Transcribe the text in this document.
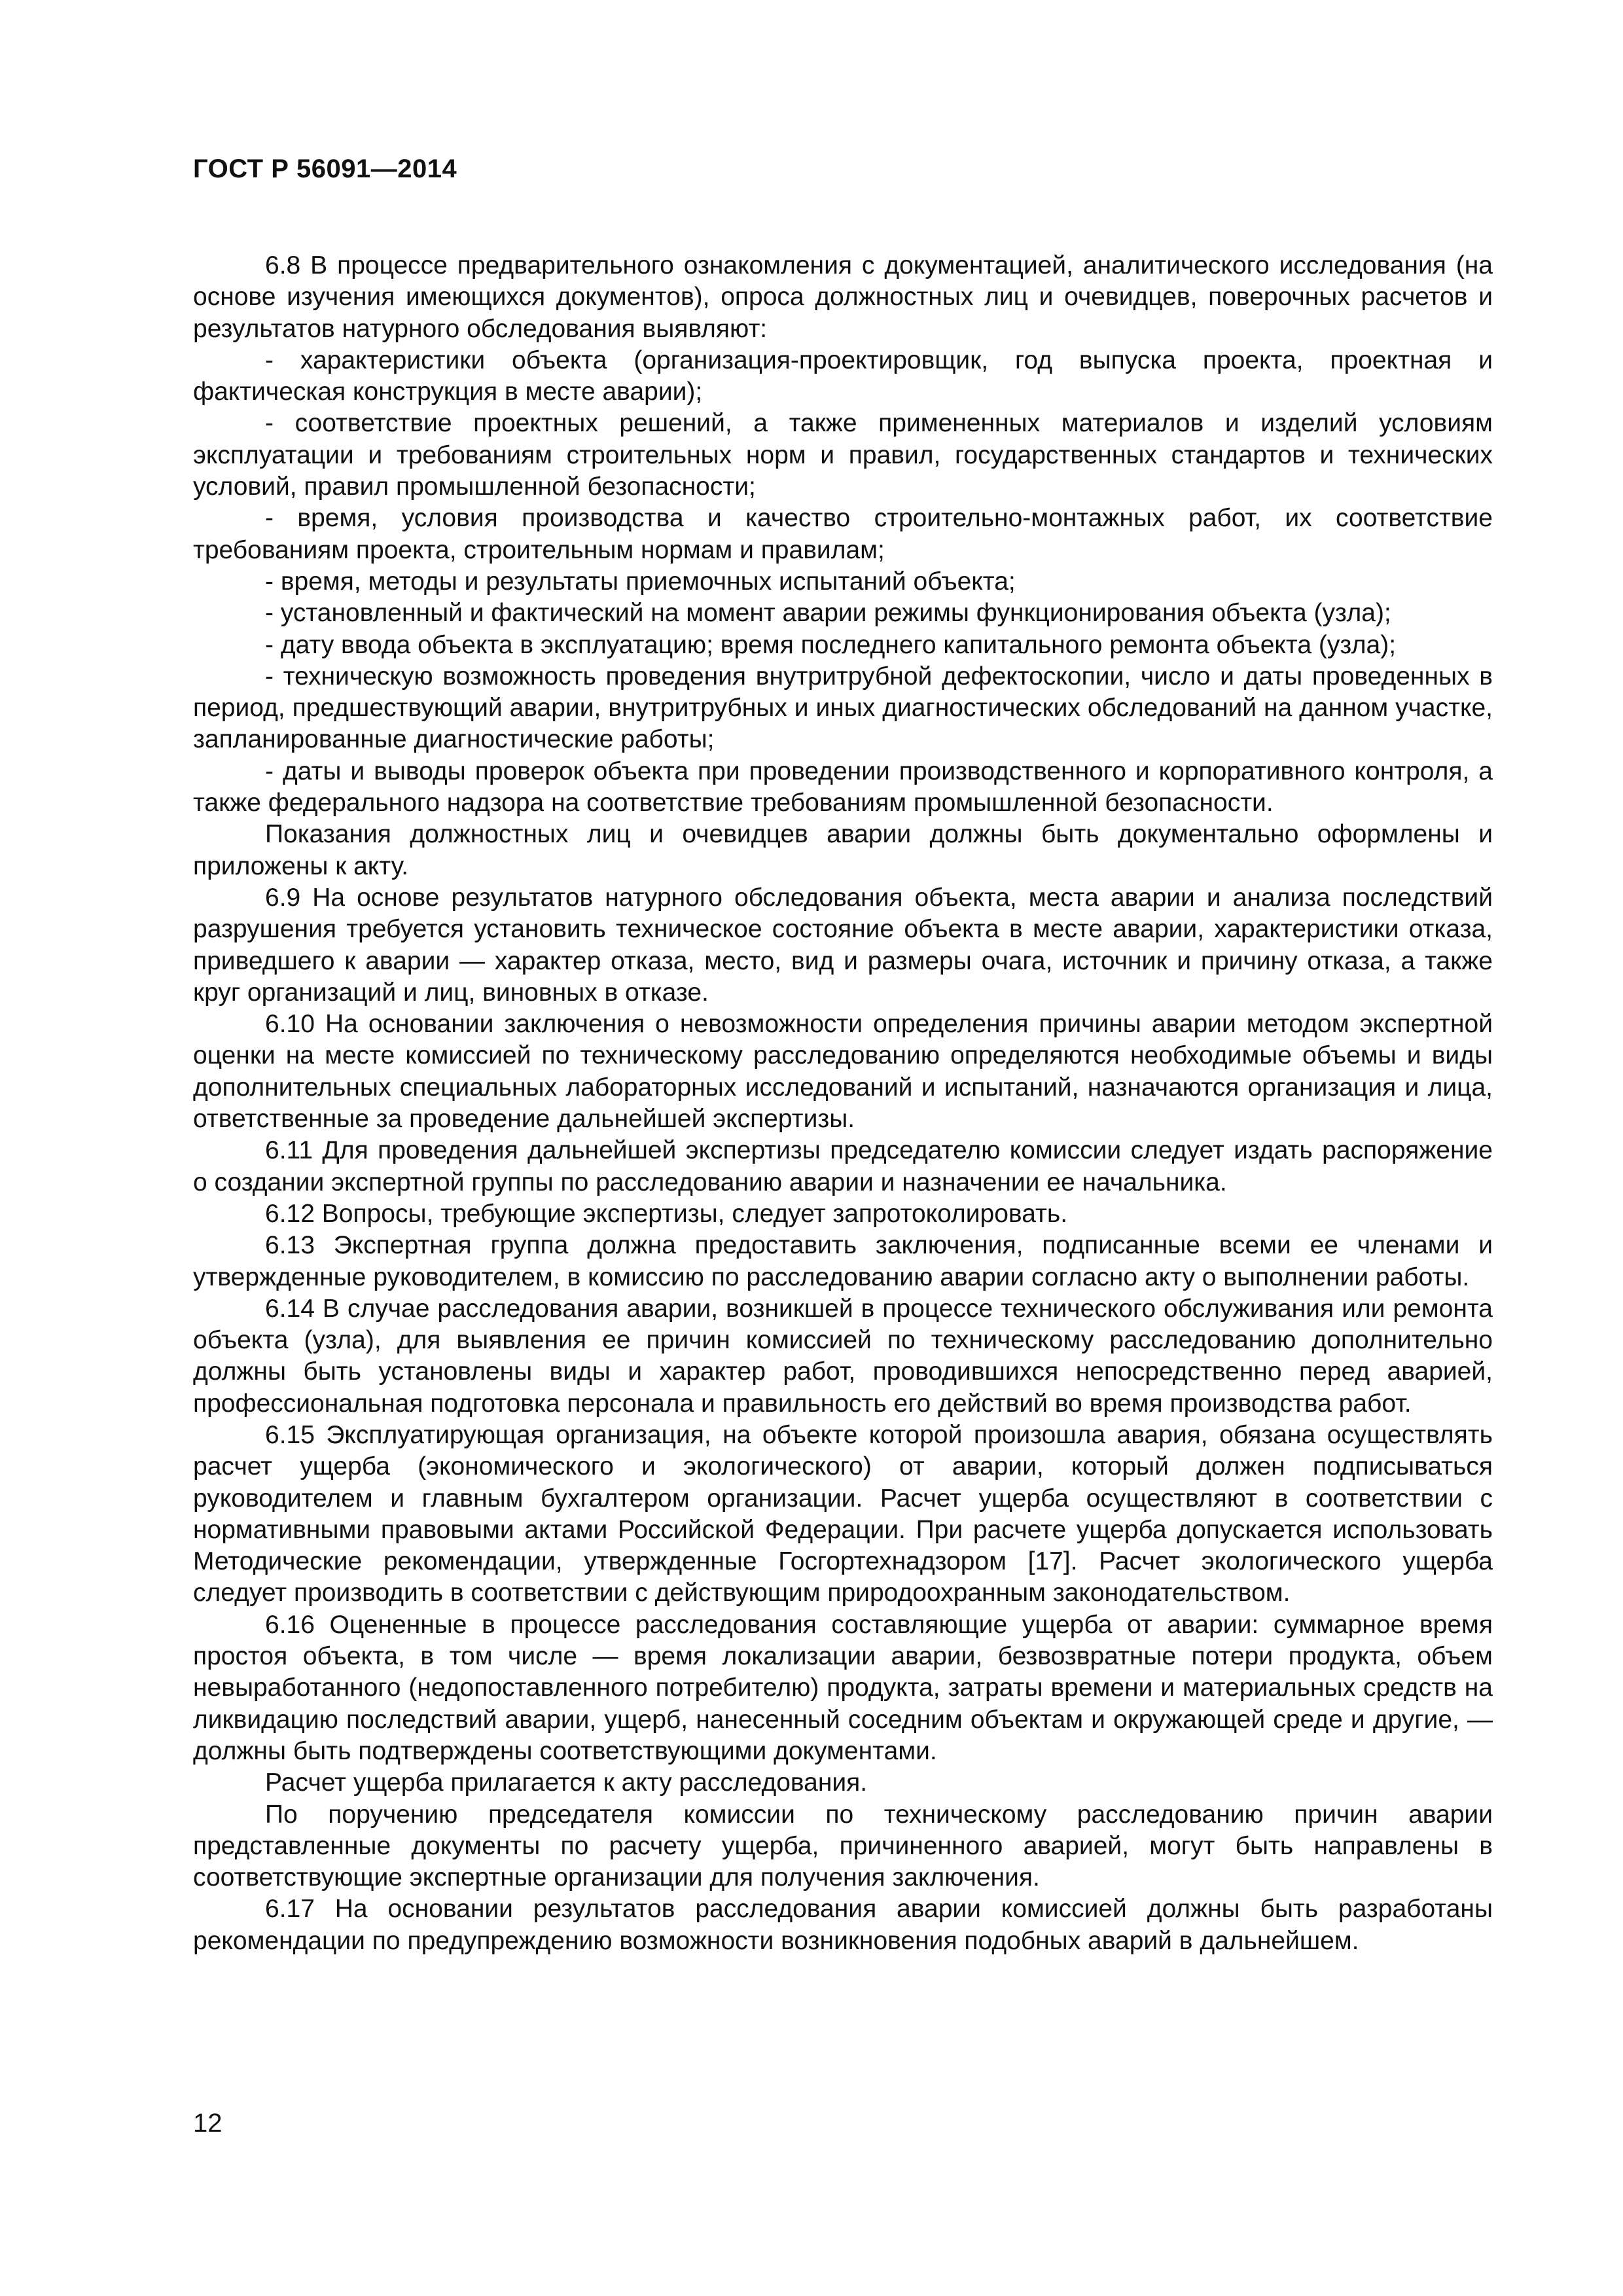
ГОСТ Р 56091—2014

6.8 В процессе предварительного ознакомления с документацией, аналитического исследования (на основе изучения имеющихся документов), опроса должностных лиц и очевидцев, поверочных расчетов и результатов натурного обследования выявляют:

- характеристики объекта (организация-проектировщик, год выпуска проекта, проектная и фактическая конструкция в месте аварии);

- соответствие проектных решений, а также примененных материалов и изделий условиям эксплуатации и требованиям строительных норм и правил, государственных стандартов и технических условий, правил промышленной безопасности;

- время, условия производства и качество строительно-монтажных работ, их соответствие требованиям проекта, строительным нормам и правилам;

- время, методы и результаты приемочных испытаний объекта;

- установленный и фактический на момент аварии режимы функционирования объекта (узла);

- дату ввода объекта в эксплуатацию; время последнего капитального ремонта объекта (узла);

- техническую возможность проведения внутритрубной дефектоскопии, число и даты проведенных в период, предшествующий аварии, внутритрубных и иных диагностических обследований на данном участке, запланированные диагностические работы;

- даты и выводы проверок объекта при проведении производственного и корпоративного контроля, а также федерального надзора на соответствие требованиям промышленной безопасности.

Показания должностных лиц и очевидцев аварии должны быть документально оформлены и приложены к акту.

6.9 На основе результатов натурного обследования объекта, места аварии и анализа последствий разрушения требуется установить техническое состояние объекта в месте аварии, характеристики отказа, приведшего к аварии — характер отказа, место, вид и размеры очага, источник и причину отказа, а также круг организаций и лиц, виновных в отказе.

6.10 На основании заключения о невозможности определения причины аварии методом экспертной оценки на месте комиссией по техническому расследованию определяются необходимые объемы и виды дополнительных специальных лабораторных исследований и испытаний, назначаются организация и лица, ответственные за проведение дальнейшей экспертизы.

6.11 Для проведения дальнейшей экспертизы председателю комиссии следует издать распоряжение о создании экспертной группы по расследованию аварии и назначении ее начальника.

6.12 Вопросы, требующие экспертизы, следует запротоколировать.

6.13 Экспертная группа должна предоставить заключения, подписанные всеми ее членами и утвержденные руководителем, в комиссию по расследованию аварии согласно акту о выполнении работы.

6.14 В случае расследования аварии, возникшей в процессе технического обслуживания или ремонта объекта (узла), для выявления ее причин комиссией по техническому расследованию дополнительно должны быть установлены виды и характер работ, проводившихся непосредственно перед аварией, профессиональная подготовка персонала и правильность его действий во время производства работ.

6.15 Эксплуатирующая организация, на объекте которой произошла авария, обязана осуществлять расчет ущерба (экономического и экологического) от аварии, который должен подписываться руководителем и главным бухгалтером организации. Расчет ущерба осуществляют в соответствии с нормативными правовыми актами Российской Федерации. При расчете ущерба допускается использовать Методические рекомендации, утвержденные Госгортехнадзором [17]. Расчет экологического ущерба следует производить в соответствии с действующим природоохранным законодательством.

6.16 Оцененные в процессе расследования составляющие ущерба от аварии: суммарное время простоя объекта, в том числе — время локализации аварии, безвозвратные потери продукта, объем невыработанного (недопоставленного потребителю) продукта, затраты времени и материальных средств на ликвидацию последствий аварии, ущерб, нанесенный соседним объектам и окружающей среде и другие, — должны быть подтверждены соответствующими документами.

Расчет ущерба прилагается к акту расследования.

По поручению председателя комиссии по техническому расследованию причин аварии представленные документы по расчету ущерба, причиненного аварией, могут быть направлены в соответствующие экспертные организации для получения заключения.

6.17 На основании результатов расследования аварии комиссией должны быть разработаны рекомендации по предупреждению возможности возникновения подобных аварий в дальнейшем.

12
